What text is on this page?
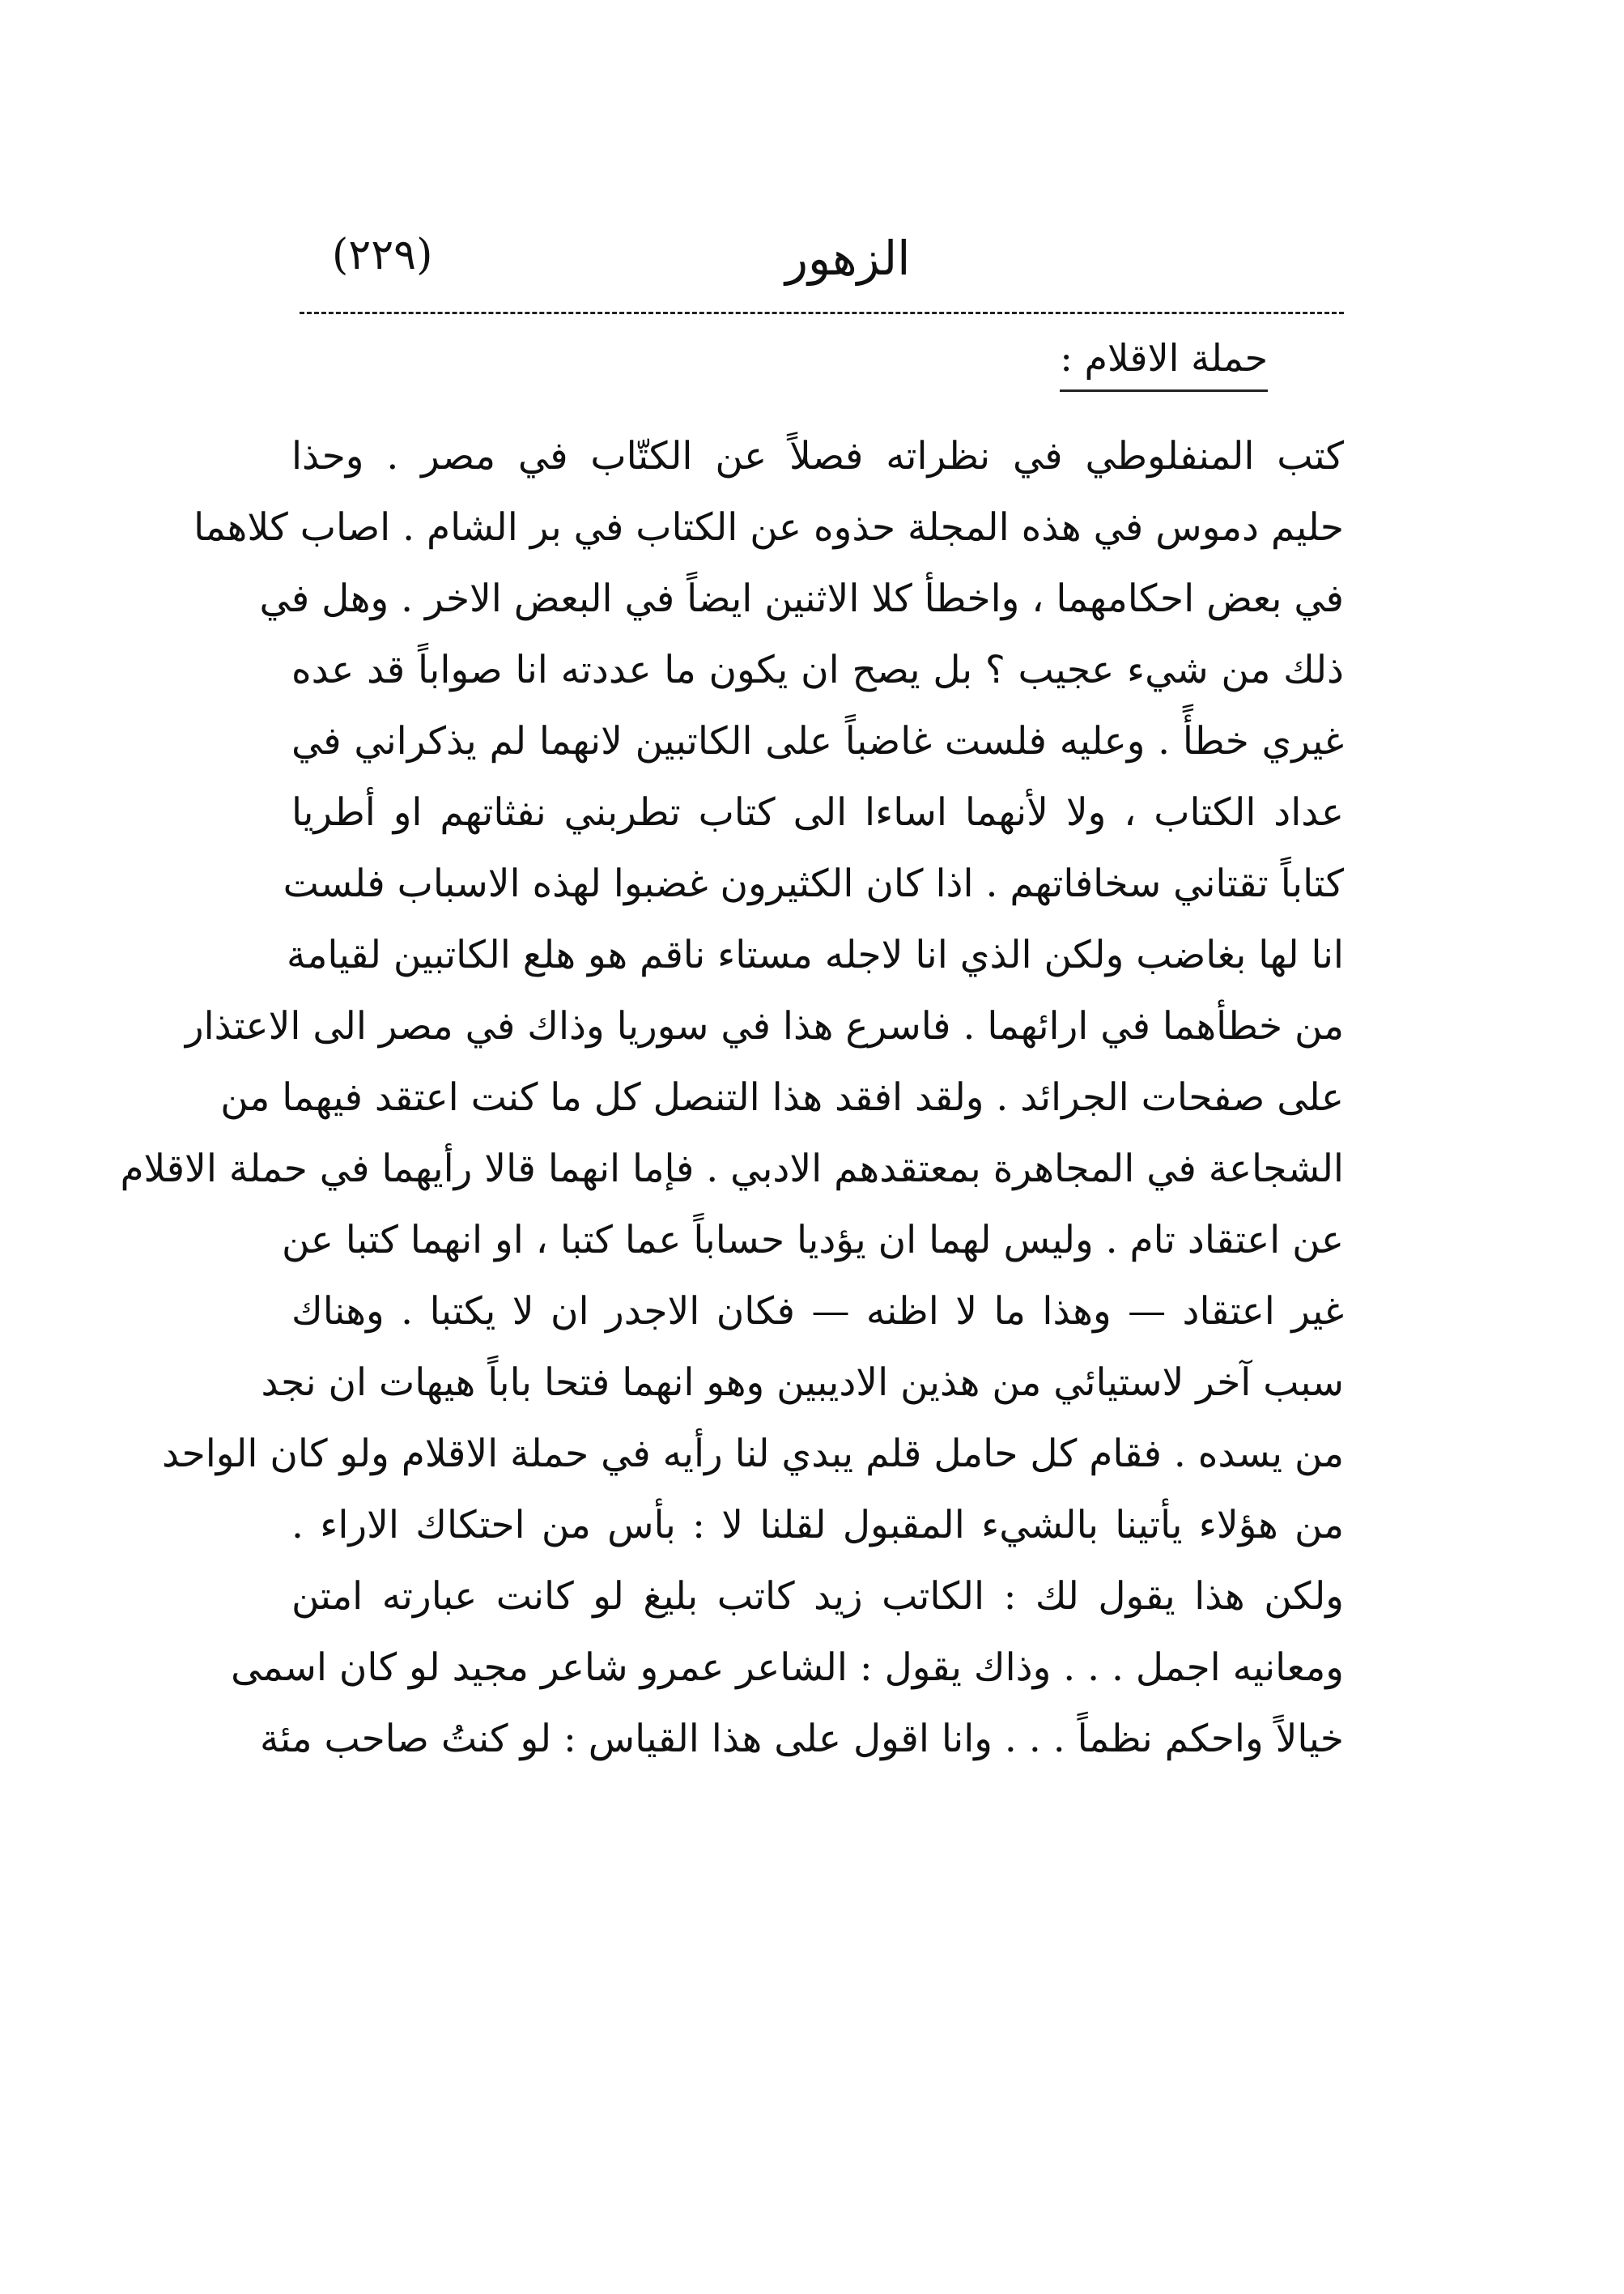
(٢٢٩)	الزهور
حملة الاقلام :
كتب المنفلوطي في نظراته فصلاً عن الكتّاب في مصر . وحذا
حليم دموس في هذه المجلة حذوه عن الكتاب في بر الشام . اصاب كلاهما
في بعض احكامهما ، واخطأ كلا الاثنين ايضاً في البعض الاخر . وهل في
ذلك من شيء عجيب ؟ بل يصح ان يكون ما عددته انا صواباً قد عده
غيري خطأً . وعليه فلست غاضباً على الكاتبين لانهما لم يذكراني في
عداد الكتاب ، ولا لأنهما اساءا الى كتاب تطربني نفثاتهم او أطريا
كتاباً تقتاني سخافاتهم . اذا كان الكثيرون غضبوا لهذه الاسباب فلست
انا لها بغاضب ولكن الذي انا لاجله مستاء ناقم هو هلع الكاتبين لقيامة
من خطأهما في ارائهما . فاسرع هذا في سوريا وذاك في مصر الى الاعتذار
على صفحات الجرائد . ولقد افقد هذا التنصل كل ما كنت اعتقد فيهما من
الشجاعة في المجاهرة بمعتقدهم الادبي . فإما انهما قالا رأيهما في حملة الاقلام
عن اعتقاد تام . وليس لهما ان يؤديا حساباً عما كتبا ، او انهما كتبا عن
غير اعتقاد — وهذا ما لا اظنه — فكان الاجدر ان لا يكتبا . وهناك
سبب آخر لاستيائي من هذين الاديبين وهو انهما فتحا باباً هيهات ان نجد
من يسده . فقام كل حامل قلم يبدي لنا رأيه في حملة الاقلام ولو كان الواحد
من هؤلاء يأتينا بالشيء المقبول لقلنا لا : بأس من احتكاك الاراء .
ولكن هذا يقول لك : الكاتب زيد كاتب بليغ لو كانت عبارته امتن
ومعانيه اجمل . . . وذاك يقول : الشاعر عمرو شاعر مجيد لو كان اسمى
خيالاً واحكم نظماً . . . وانا اقول على هذا القياس : لو كنتُ صاحب مئة
